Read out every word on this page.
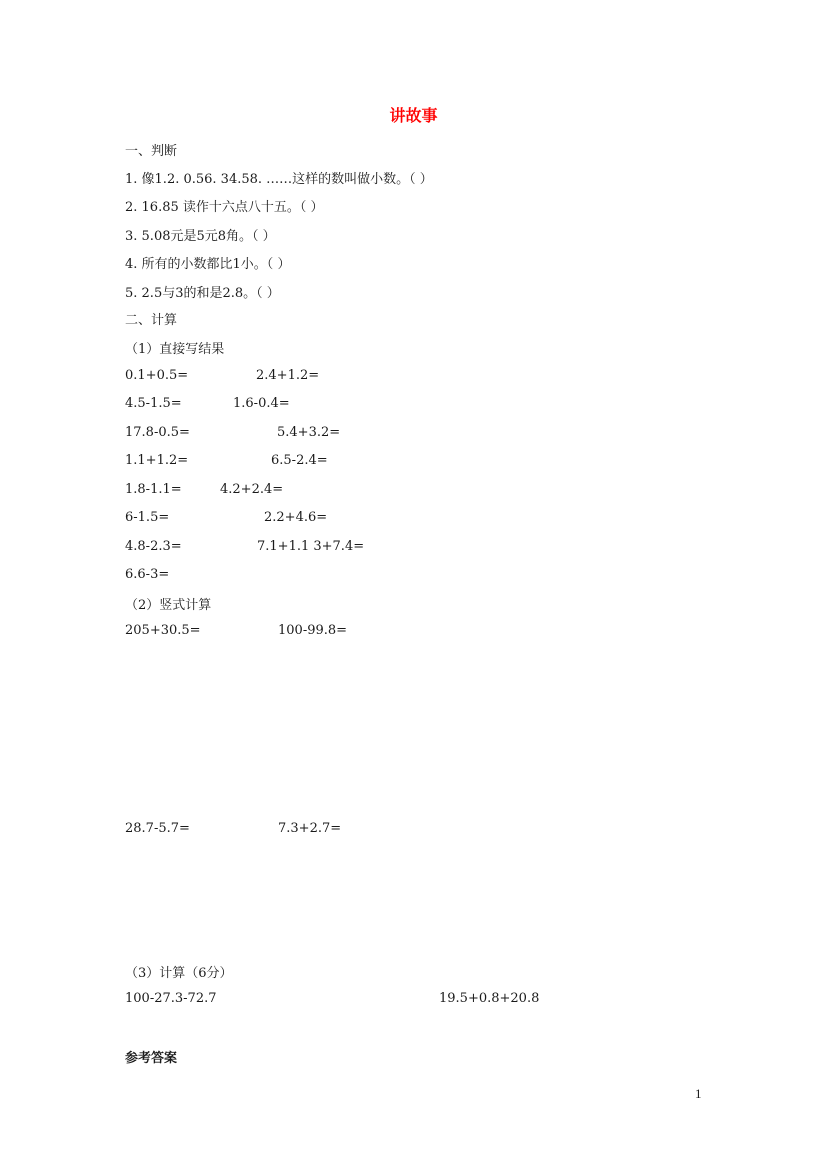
讲故事
一、判断
1. 像1.2. 0.56. 34.58. ……这样的数叫做小数。（ ）
2. 16.85 读作十六点八十五。（ ）
3. 5.08元是5元8角。（ ）
4. 所有的小数都比1小。（ ）
5. 2.5与3的和是2.8。（ ）
二、计算
（1）直接写结果
0.1+0.5=	2.4+1.2=
4.5-1.5=	1.6-0.4=
17.8-0.5=	5.4+3.2=
1.1+1.2=	6.5-2.4=
1.8-1.1=	4.2+2.4=
6-1.5=	2.2+4.6=
4.8-2.3=	7.1+1.1 3+7.4=
6.6-3=
（2）竖式计算
205+30.5=	100-99.8=
28.7-5.7=	7.3+2.7=
（3）计算（6分）
100-27.3-72.7	19.5+0.8+20.8
参考答案
1
